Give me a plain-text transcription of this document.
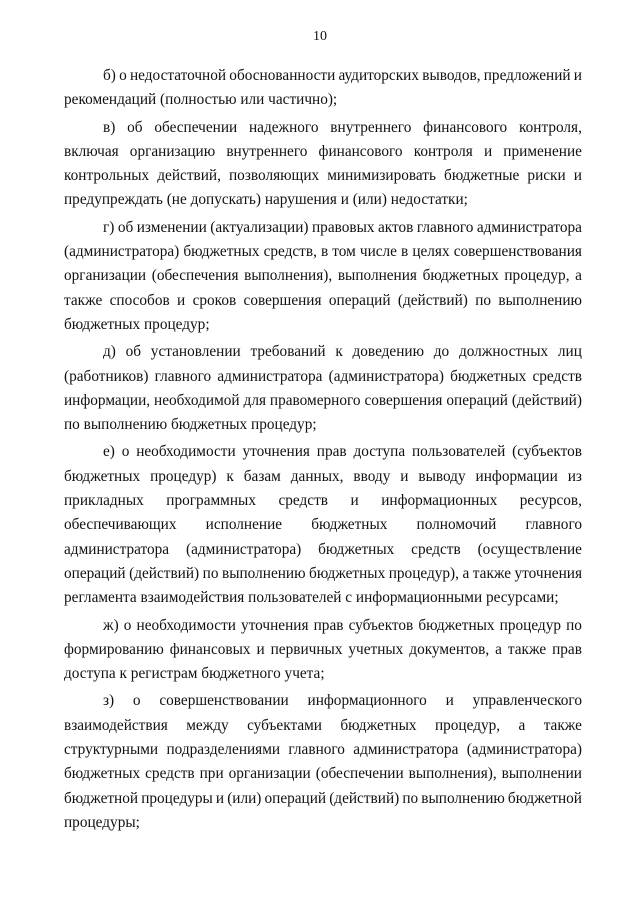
10
б) о недостаточной обоснованности аудиторских выводов, предложений и
рекомендаций (полностью или частично);
в) об обеспечении надежного внутреннего финансового контроля,
включая организацию внутреннего финансового контроля и применение
контрольных действий, позволяющих минимизировать бюджетные риски и
предупреждать (не допускать) нарушения и (или) недостатки;
г) об изменении (актуализации) правовых актов главного администратора
(администратора) бюджетных средств, в том числе в целях совершенствования
организации (обеспечения выполнения), выполнения бюджетных процедур, а
также способов и сроков совершения операций (действий) по выполнению
бюджетных процедур;
д) об установлении требований к доведению до должностных лиц
(работников) главного администратора (администратора) бюджетных средств
информации, необходимой для правомерного совершения операций (действий)
по выполнению бюджетных процедур;
е) о необходимости уточнения прав доступа пользователей (субъектов
бюджетных процедур) к базам данных, вводу и выводу информации из
прикладных программных средств и информационных ресурсов,
обеспечивающих исполнение бюджетных полномочий главного
администратора (администратора) бюджетных средств (осуществление
операций (действий) по выполнению бюджетных процедур), а также уточнения
регламента взаимодействия пользователей с информационными ресурсами;
ж) о необходимости уточнения прав субъектов бюджетных процедур по
формированию финансовых и первичных учетных документов, а также прав
доступа к регистрам бюджетного учета;
з) о совершенствовании информационного и управленческого
взаимодействия между субъектами бюджетных процедур, а также
структурными подразделениями главного администратора (администратора)
бюджетных средств при организации (обеспечении выполнения), выполнении
бюджетной процедуры и (или) операций (действий) по выполнению бюджетной
процедуры;
